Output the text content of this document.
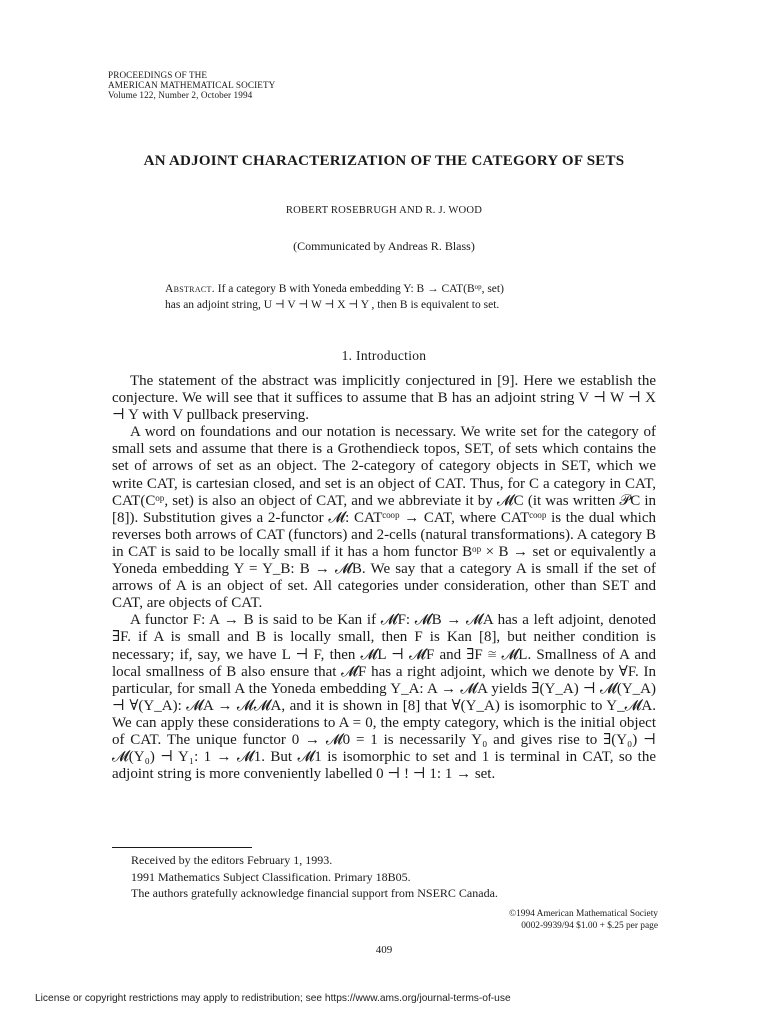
PROCEEDINGS OF THE
AMERICAN MATHEMATICAL SOCIETY
Volume 122, Number 2, October 1994
AN ADJOINT CHARACTERIZATION OF THE CATEGORY OF SETS
ROBERT ROSEBRUGH AND R. J. WOOD
(Communicated by Andreas R. Blass)
Abstract. If a category B with Yoneda embedding Y: B → CAT(Bᵒᵖ, set)
has an adjoint string, U ⊣ V ⊣ W ⊣ X ⊣ Y , then B is equivalent to set.
1. Introduction

The statement of the abstract was implicitly conjectured in [9]. Here we establish the conjecture. We will see that it suffices to assume that B has an adjoint string V ⊣ W ⊣ X ⊣ Y with V pullback preserving.

A word on foundations and our notation is necessary. We write set for the category of small sets and assume that there is a Grothendieck topos, SET, of sets which contains the set of arrows of set as an object. The 2-category of category objects in SET, which we write CAT, is cartesian closed, and set is an object of CAT. Thus, for C a category in CAT, CAT(Cᵒᵖ, set) is also an object of CAT, and we abbreviate it by 𝓜C (it was written 𝒫C in [8]). Substitution gives a 2-functor 𝓜: CATᶜᵒᵒᵖ → CAT, where CATᶜᵒᵒᵖ is the dual which reverses both arrows of CAT (functors) and 2-cells (natural transformations). A category B in CAT is said to be locally small if it has a hom functor Bᵒᵖ × B → set or equivalently a Yoneda embedding Y = Y_B: B → 𝓜B. We say that a category A is small if the set of arrows of A is an object of set. All categories under consideration, other than SET and CAT, are objects of CAT.

A functor F: A → B is said to be Kan if 𝓜F: 𝓜B → 𝓜A has a left adjoint, denoted ∃F. if A is small and B is locally small, then F is Kan [8], but neither condition is necessary; if, say, we have L ⊣ F, then 𝓜L ⊣ 𝓜F and ∃F ≅ 𝓜L. Smallness of A and local smallness of B also ensure that 𝓜F has a right adjoint, which we denote by ∀F. In particular, for small A the Yoneda embedding Y_A: A → 𝓜A yields ∃(Y_A) ⊣ 𝓜(Y_A) ⊣ ∀(Y_A): 𝓜A → 𝓜𝓜A, and it is shown in [8] that ∀(Y_A) is isomorphic to Y_𝓜A. We can apply these considerations to A = 0, the empty category, which is the initial object of CAT. The unique functor 0 → 𝓜0 = 1 is necessarily Y₀ and gives rise to ∃(Y₀) ⊣ 𝓜(Y₀) ⊣ Y₁: 1 → 𝓜1. But 𝓜1 is isomorphic to set and 1 is terminal in CAT, so the adjoint string is more conveniently labelled 0 ⊣ ! ⊣ 1: 1 → set.

Received by the editors February 1, 1993.
1991 Mathematics Subject Classification. Primary 18B05.
The authors gratefully acknowledge financial support from NSERC Canada.
©1994 American Mathematical Society
0002-9939/94 $1.00 + $.25 per page
409
License or copyright restrictions may apply to redistribution; see https://www.ams.org/journal-terms-of-use
